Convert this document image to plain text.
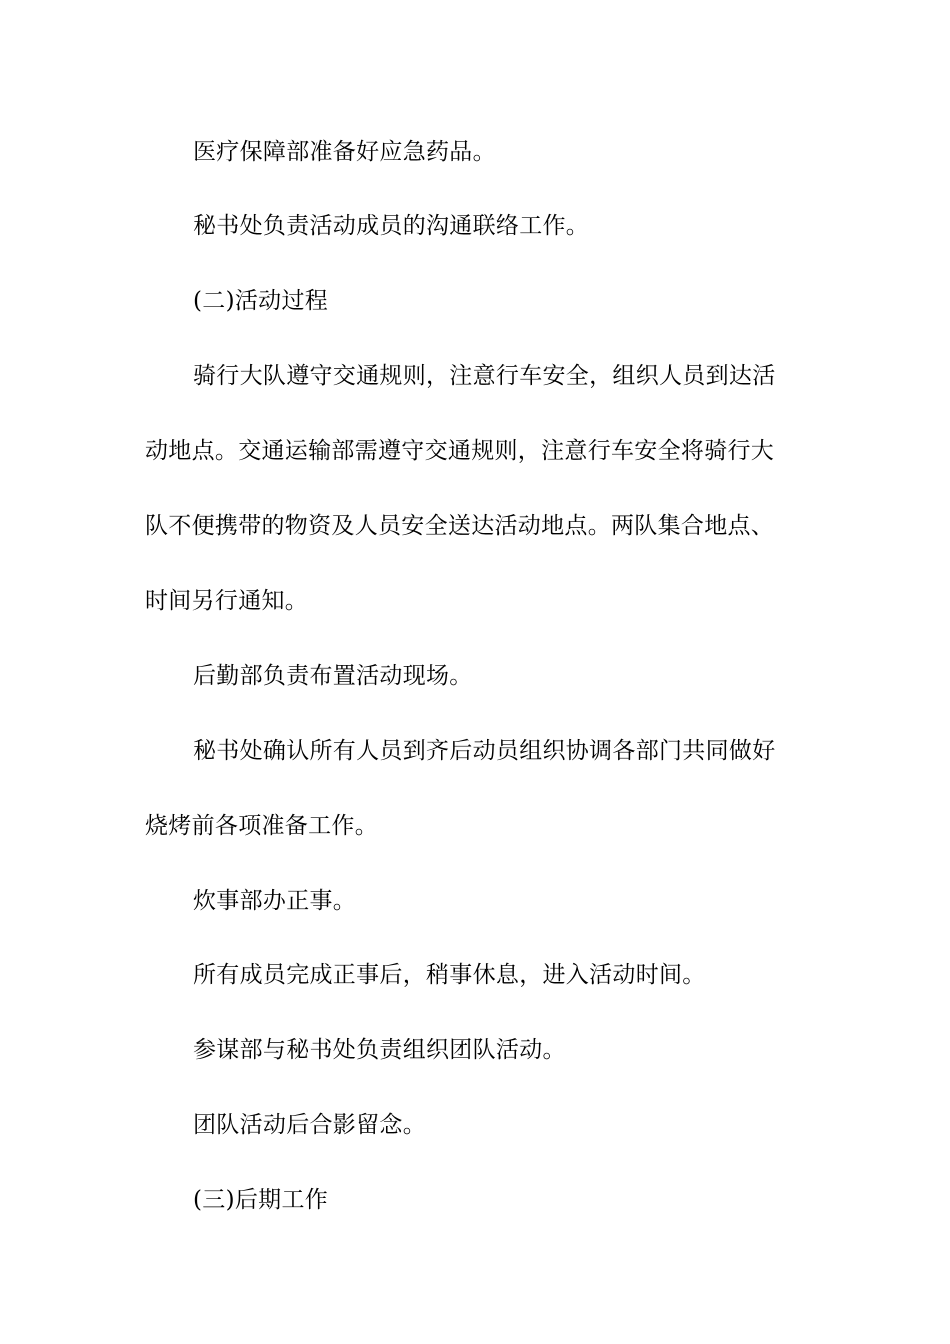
医疗保障部准备好应急药品。
秘书处负责活动成员的沟通联络工作。
(二)活动过程
骑行大队遵守交通规则，注意行车安全，组织人员到达活
动地点。交通运输部需遵守交通规则，注意行车安全将骑行大
队不便携带的物资及人员安全送达活动地点。两队集合地点、
时间另行通知。
后勤部负责布置活动现场。
秘书处确认所有人员到齐后动员组织协调各部门共同做好
烧烤前各项准备工作。
炊事部办正事。
所有成员完成正事后，稍事休息，进入活动时间。
参谋部与秘书处负责组织团队活动。
团队活动后合影留念。
(三)后期工作
